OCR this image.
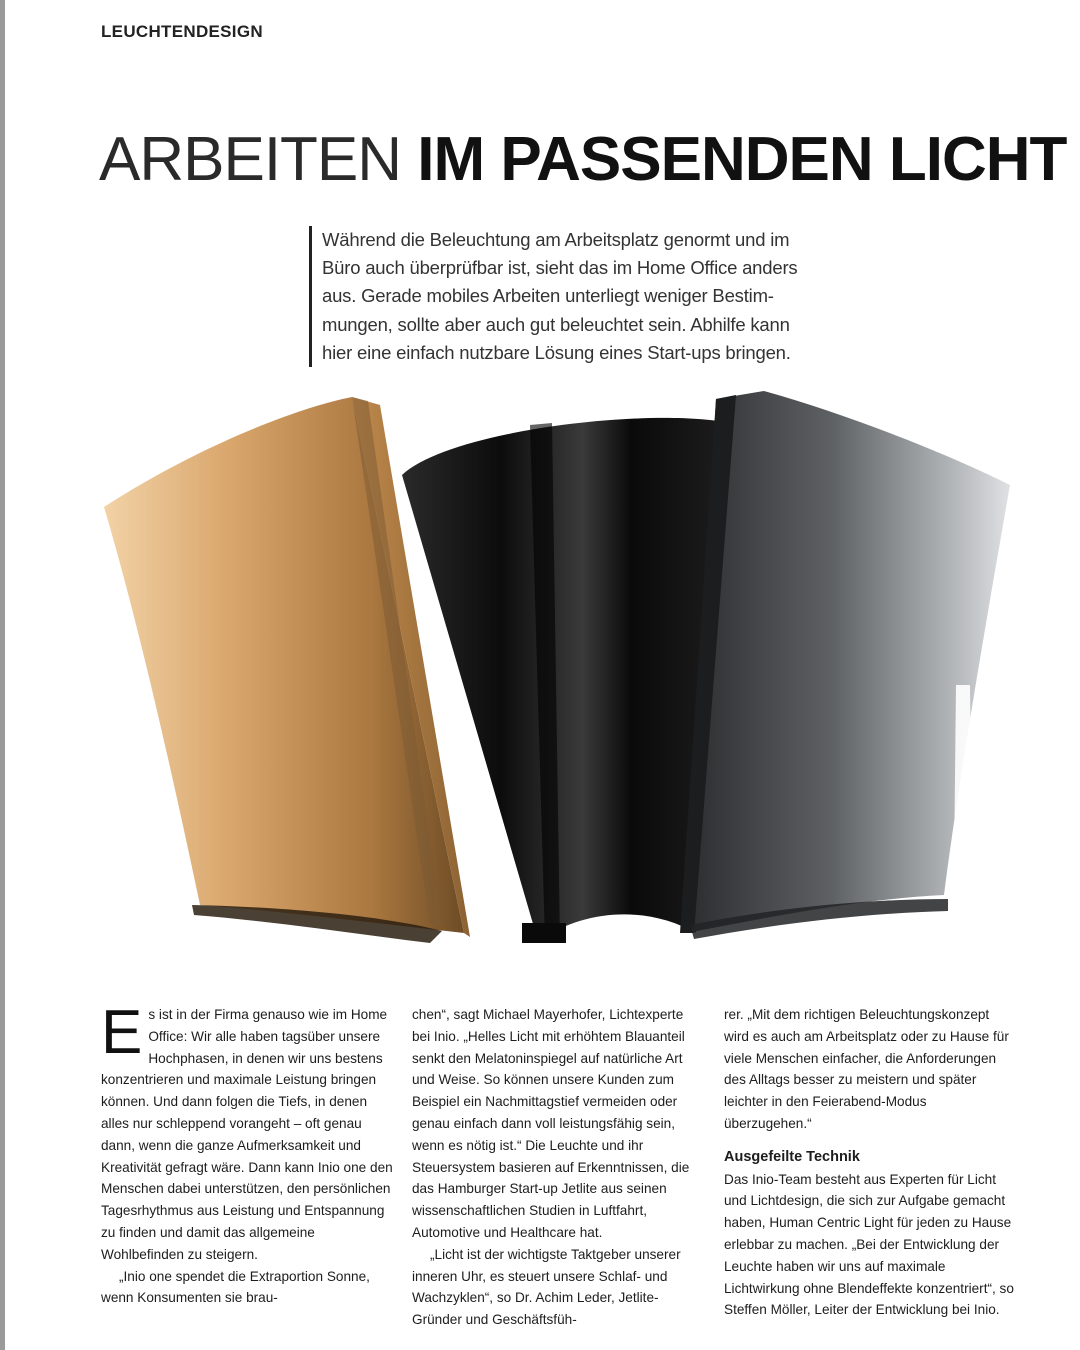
LEUCHTENDESIGN
ARBEITEN IM PASSENDEN LICHT

Während die Beleuchtung am Arbeitsplatz genormt und im

Büro auch überprüfbar ist, sieht das im Home Office anders

aus. Gerade mobiles Arbeiten unterliegt weniger Bestim-

mungen, sollte aber auch gut beleuchtet sein. Abhilfe kann

hier eine einfach nutzbare Lösung eines Start-ups bringen.

E s ist in der Firma genauso wie im Home Office: Wir alle haben tagsüber unsere Hochphasen, in denen wir uns bestens konzentrieren und maximale Leistung bringen können. Und dann folgen die Tiefs, in denen alles nur schleppend vorangeht – oft genau dann, wenn die ganze Aufmerksamkeit und Kreativität gefragt wäre. Dann kann Inio one den Menschen dabei unterstützen, den persönlichen Tagesrhythmus aus Leistung und Entspannung zu finden und damit das allgemeine Wohlbefinden zu steigern.

„Inio one spendet die Extraportion Sonne, wenn Konsumenten sie brau-

chen“, sagt Michael Mayerhofer, Lichtexperte bei Inio. „Helles Licht mit erhöhtem Blauanteil senkt den Melatoninspiegel auf natürliche Art und Weise. So können unsere Kunden zum Beispiel ein Nachmittagstief vermeiden oder genau einfach dann voll leistungsfähig sein, wenn es nötig ist.“ Die Leuchte und ihr Steuersystem basieren auf Erkenntnissen, die das Hamburger Start-up Jetlite aus seinen wissenschaftlichen Studien in Luftfahrt, Automotive und Healthcare hat.

„Licht ist der wichtigste Taktgeber unserer inneren Uhr, es steuert unsere Schlaf- und Wachzyklen“, so Dr. Achim Leder, Jetlite-Gründer und Geschäftsfüh-

rer. „Mit dem richtigen Beleuchtungskonzept wird es auch am Arbeitsplatz oder zu Hause für viele Menschen einfacher, die Anforderungen des Alltags besser zu meistern und später leichter in den Feierabend-Modus überzugehen.“

Ausgefeilte Technik

Das Inio-Team besteht aus Experten für Licht und Lichtdesign, die sich zur Aufgabe gemacht haben, Human Centric Light für jeden zu Hause erlebbar zu machen. „Bei der Entwicklung der Leuchte haben wir uns auf maximale Lichtwirkung ohne Blendeffekte konzentriert“, so Steffen Möller, Leiter der Entwicklung bei Inio.
